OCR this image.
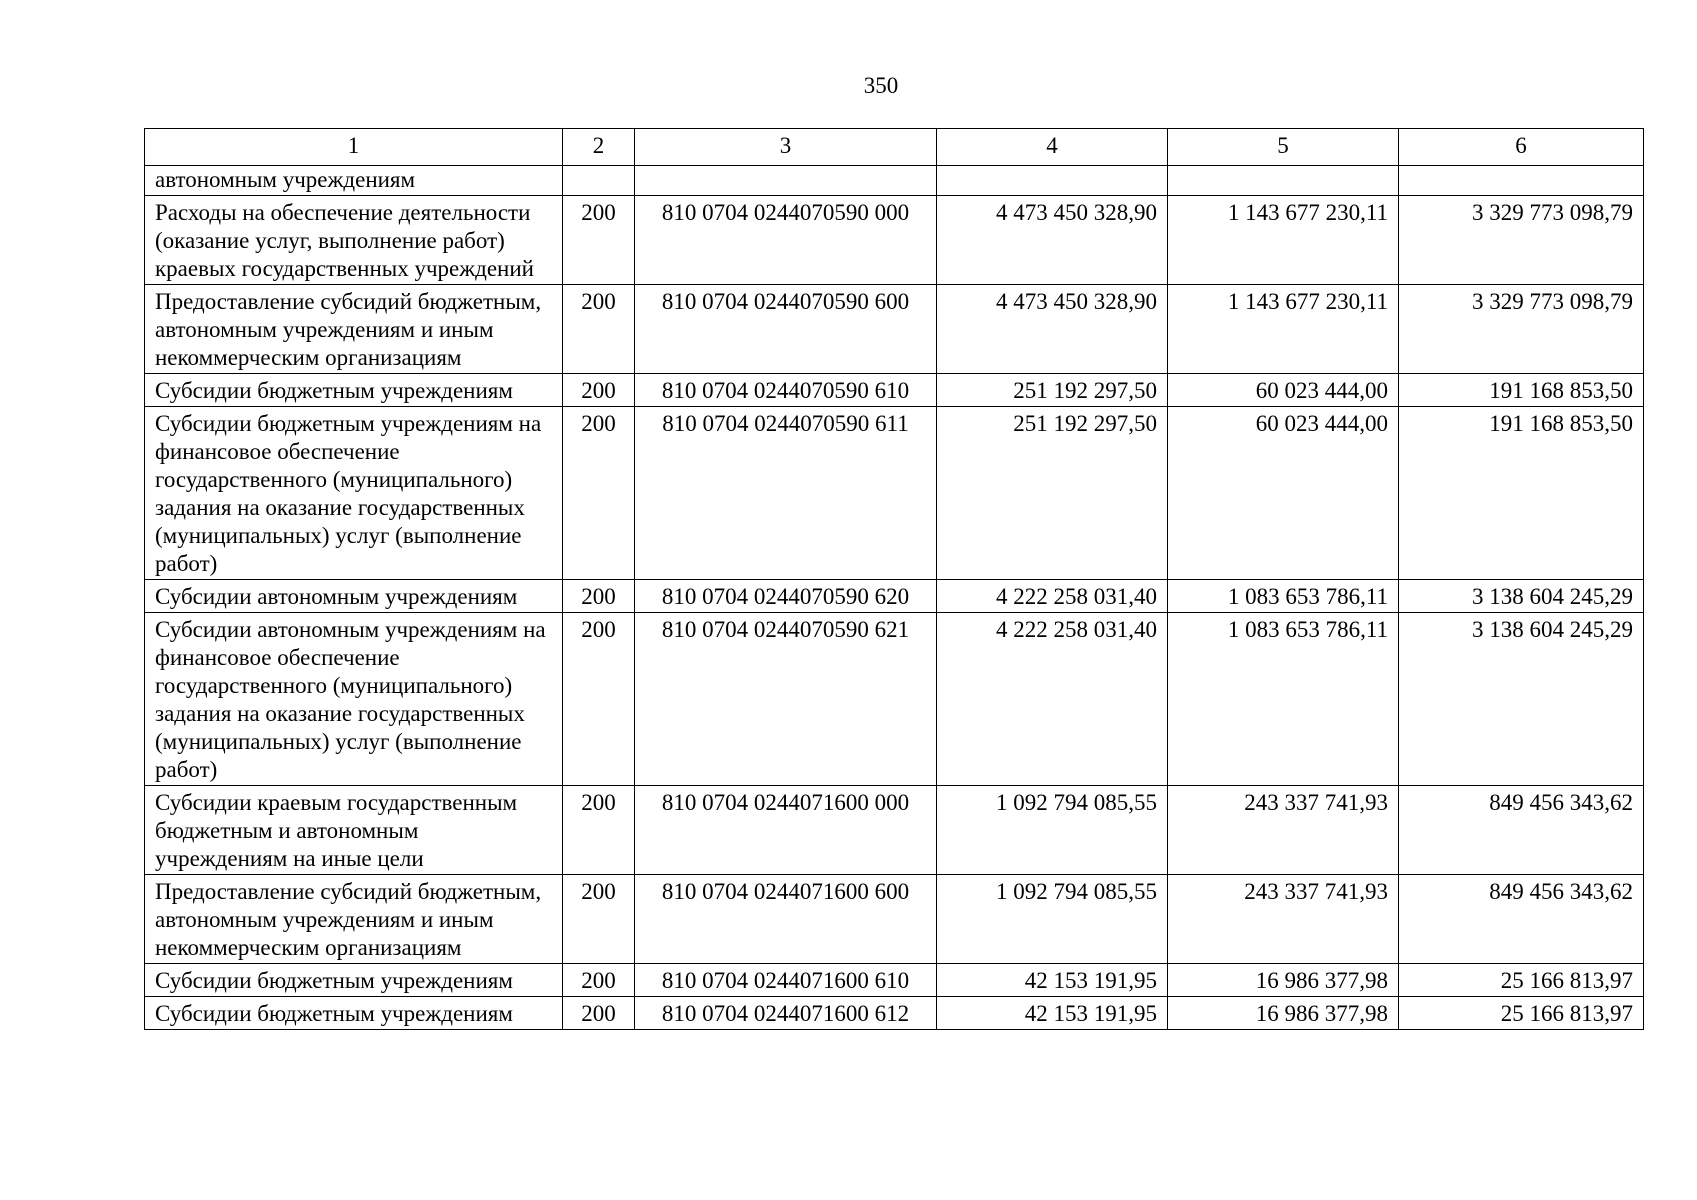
350
1	2	3	4	5	6
автономным учреждениям					
Расходы на обеспечение деятельности (оказание услуг, выполнение работ) краевых государственных учреждений	200	810 0704 0244070590 000	4 473 450 328,90	1 143 677 230,11	3 329 773 098,79
Предоставление субсидий бюджетным, автономным учреждениям и иным некоммерческим организациям	200	810 0704 0244070590 600	4 473 450 328,90	1 143 677 230,11	3 329 773 098,79
Субсидии бюджетным учреждениям	200	810 0704 0244070590 610	251 192 297,50	60 023 444,00	191 168 853,50
Субсидии бюджетным учреждениям на финансовое обеспечение государственного (муниципального) задания на оказание государственных (муниципальных) услуг (выполнение работ)	200	810 0704 0244070590 611	251 192 297,50	60 023 444,00	191 168 853,50
Субсидии автономным учреждениям	200	810 0704 0244070590 620	4 222 258 031,40	1 083 653 786,11	3 138 604 245,29
Субсидии автономным учреждениям на финансовое обеспечение государственного (муниципального) задания на оказание государственных (муниципальных) услуг (выполнение работ)	200	810 0704 0244070590 621	4 222 258 031,40	1 083 653 786,11	3 138 604 245,29
Субсидии краевым государственным бюджетным и автономным учреждениям на иные цели	200	810 0704 0244071600 000	1 092 794 085,55	243 337 741,93	849 456 343,62
Предоставление субсидий бюджетным, автономным учреждениям и иным некоммерческим организациям	200	810 0704 0244071600 600	1 092 794 085,55	243 337 741,93	849 456 343,62
Субсидии бюджетным учреждениям	200	810 0704 0244071600 610	42 153 191,95	16 986 377,98	25 166 813,97
Субсидии бюджетным учреждениям	200	810 0704 0244071600 612	42 153 191,95	16 986 377,98	25 166 813,97
